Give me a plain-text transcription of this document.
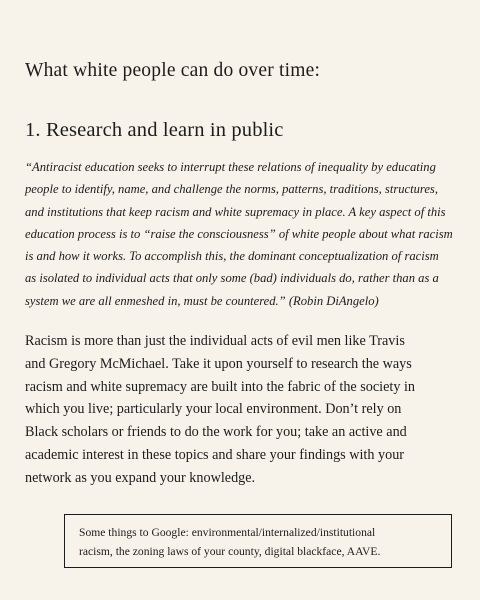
What white people can do over time:
1. Research and learn in public

“Antiracist education seeks to interrupt these relations of inequality by educating
people to identify, name, and challenge the norms, patterns, traditions, structures,
and institutions that keep racism and white supremacy in place. A key aspect of this
education process is to “raise the consciousness” of white people about what racism
is and how it works. To accomplish this, the dominant conceptualization of racism
as isolated to individual acts that only some (bad) individuals do, rather than as a
system we are all enmeshed in, must be countered.” (Robin DiAngelo)

Racism is more than just the individual acts of evil men like Travis
and Gregory McMichael. Take it upon yourself to research the ways
racism and white supremacy are built into the fabric of the society in
which you live; particularly your local environment. Don’t rely on
Black scholars or friends to do the work for you; take an active and
academic interest in these topics and share your findings with your
network as you expand your knowledge.

Some things to Google: environmental/internalized/institutional
racism, the zoning laws of your county, digital blackface, AAVE.
